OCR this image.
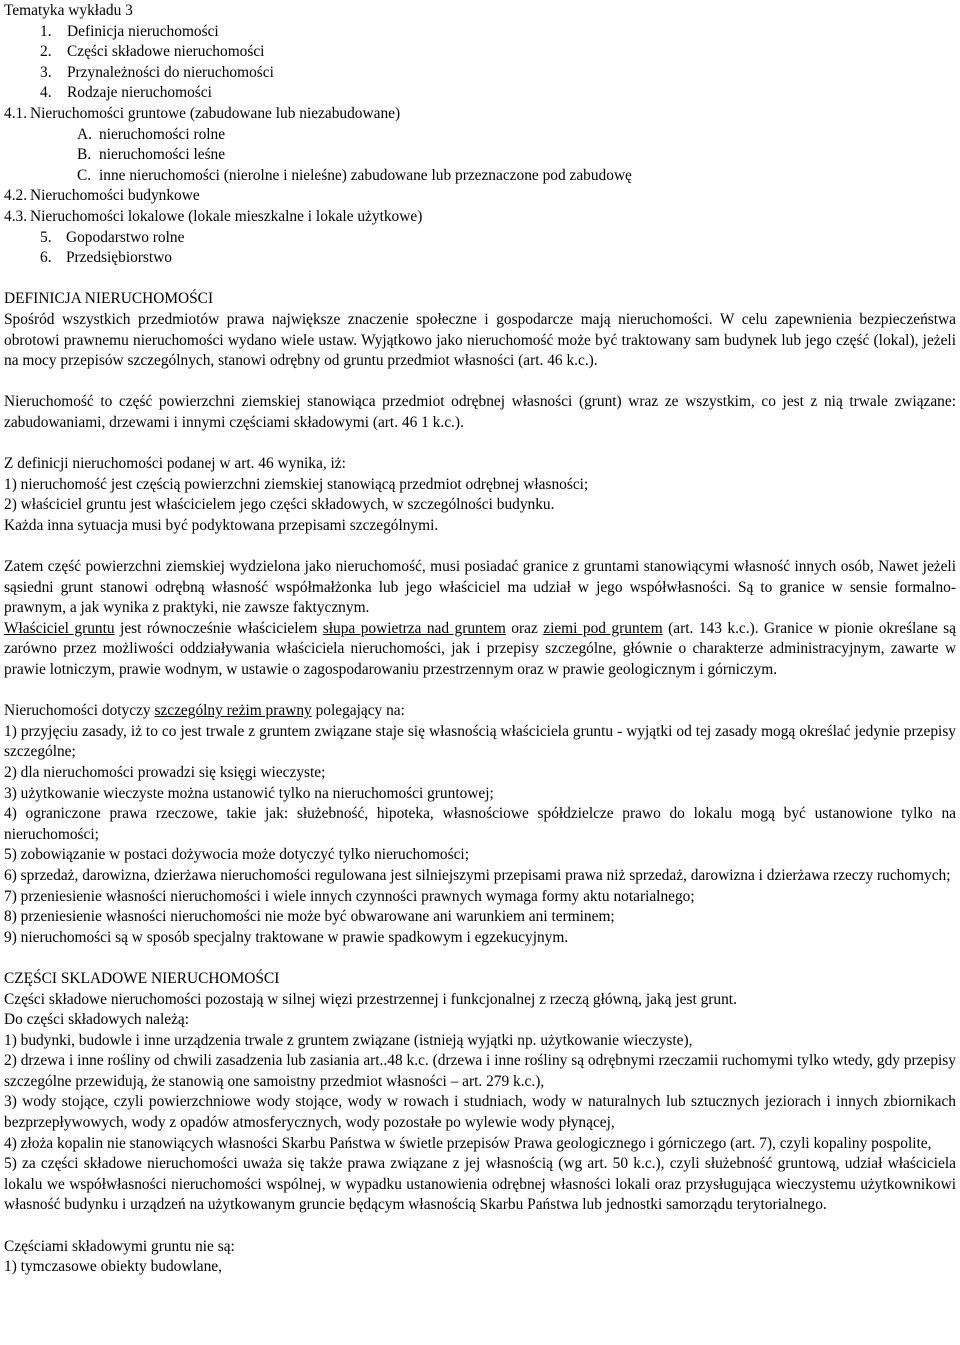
Tematyka wykładu 3
1.	Definicja nieruchomości
2.	Części składowe nieruchomości
3.	Przynależności do nieruchomości
4.	Rodzaje nieruchomości
4.1. Nieruchomości gruntowe (zabudowane lub niezabudowane)
A. nieruchomości rolne
B. nieruchomości leśne
C. inne nieruchomości (nierolne i nieleśne) zabudowane lub przeznaczone pod zabudowę
4.2. Nieruchomości budynkowe
4.3. Nieruchomości lokalowe (lokale mieszkalne i lokale użytkowe)
5. Gopodarstwo rolne
6. Przedsiębiorstwo
DEFINICJA NIERUCHOMOŚCI
Spośród wszystkich przedmiotów prawa największe znaczenie społeczne i gospodarcze mają nieruchomości. W celu zapewnienia bezpieczeństwa obrotowi prawnemu nieruchomości wydano wiele ustaw. Wyjątkowo jako nieruchomość może być traktowany sam budynek lub jego część (lokal), jeżeli na mocy przepisów szczególnych, stanowi odrębny od gruntu przedmiot własności (art. 46 k.c.).
Nieruchomość to część powierzchni ziemskiej stanowiąca przedmiot odrębnej własności (grunt) wraz ze wszystkim, co jest z nią trwale związane: zabudowaniami, drzewami i innymi częściami składowymi (art. 46 1 k.c.).
Z definicji nieruchomości podanej w art. 46 wynika, iż:
1) nieruchomość jest częścią powierzchni ziemskiej stanowiącą przedmiot odrębnej własności;
2) właściciel gruntu jest właścicielem jego części składowych, w szczególności budynku.
Każda inna sytuacja musi być podyktowana przepisami szczególnymi.
Zatem część powierzchni ziemskiej wydzielona jako nieruchomość, musi posiadać granice z gruntami stanowiącymi własność innych osób, Nawet jeżeli sąsiedni grunt stanowi odrębną własność współmałżonka lub jego właściciel ma udział w jego współwłasności. Są to granice w sensie formalno-prawnym, a jak wynika z praktyki, nie zawsze faktycznym.
Właściciel gruntu jest równocześnie właścicielem słupa powietrza nad gruntem oraz ziemi pod gruntem (art. 143 k.c.). Granice w pionie określane są zarówno przez możliwości oddziaływania właściciela nieruchomości, jak i przepisy szczególne, głównie o charakterze administracyjnym, zawarte w prawie lotniczym, prawie wodnym, w ustawie o zagospodarowaniu przestrzennym oraz w prawie geologicznym i górniczym.
Nieruchomości dotyczy szczególny reżim prawny polegający na:
1) przyjęciu zasady, iż to co jest trwale z gruntem związane staje się własnością właściciela gruntu - wyjątki od tej zasady mogą określać jedynie przepisy szczególne;
2) dla nieruchomości prowadzi się księgi wieczyste;
3) użytkowanie wieczyste można ustanowić tylko na nieruchomości gruntowej;
4) ograniczone prawa rzeczowe, takie jak: służebność, hipoteka, własnościowe spółdzielcze prawo do lokalu mogą być ustanowione tylko na nieruchomości;
5) zobowiązanie w postaci dożywocia może dotyczyć tylko nieruchomości;
6) sprzedaż, darowizna, dzierżawa nieruchomości regulowana jest silniejszymi przepisami prawa niż sprzedaż, darowizna i dzierżawa rzeczy ruchomych;
7) przeniesienie własności nieruchomości i wiele innych czynności prawnych wymaga formy aktu notarialnego;
8) przeniesienie własności nieruchomości nie może być obwarowane ani warunkiem ani terminem;
9) nieruchomości są w sposób specjalny traktowane w prawie spadkowym i egzekucyjnym.
CZĘŚCI SKLADOWE NIERUCHOMOŚCI
Części składowe nieruchomości pozostają w silnej więzi przestrzennej i funkcjonalnej z rzeczą główną, jaką jest grunt.
Do części składowych należą:
1) budynki, budowle i inne urządzenia trwale z gruntem związane (istnieją wyjątki np. użytkowanie wieczyste),
2) drzewa i inne rośliny od chwili zasadzenia lub zasiania art..48 k.c. (drzewa i inne rośliny są odrębnymi rzeczamii ruchomymi tylko wtedy, gdy przepisy szczególne przewidują, że stanowią one samoistny przedmiot własności – art. 279 k.c.),
3) wody stojące, czyli powierzchniowe wody stojące, wody w rowach i studniach, wody w naturalnych lub sztucznych jeziorach i innych zbiornikach bezprzepływowych, wody z opadów atmosferycznych, wody pozostałe po wylewie wody płynącej,
4) złoża kopalin nie stanowiących własności Skarbu Państwa w świetle przepisów Prawa geologicznego i górniczego (art. 7), czyli kopaliny pospolite,
5) za części składowe nieruchomości uważa się także prawa związane z jej własnością (wg art. 50 k.c.), czyli służebność gruntową, udział właściciela lokalu we współwłasności nieruchomości wspólnej, w wypadku ustanowienia odrębnej własności lokali oraz przysługująca wieczystemu użytkownikowi własność budynku i urządzeń na użytkowanym gruncie będącym własnością Skarbu Państwa lub jednostki samorządu terytorialnego.
Częściami składowymi gruntu nie są:
1) tymczasowe obiekty budowlane,
